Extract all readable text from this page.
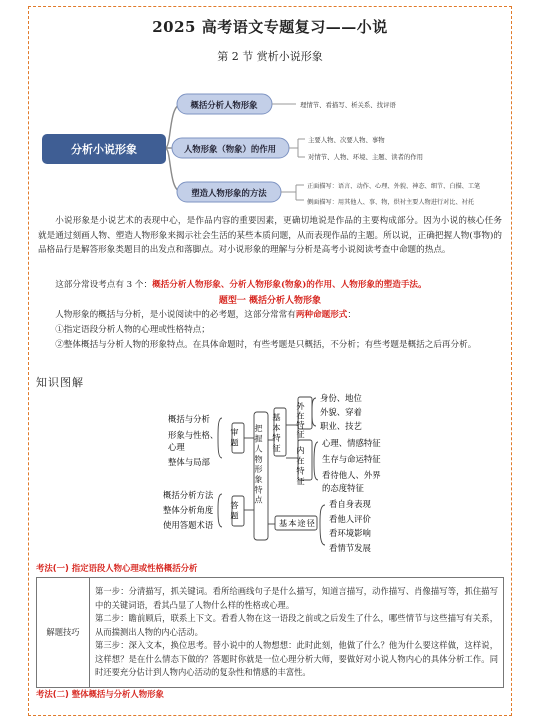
2025 高考语文专题复习——小说
第 2 节 赏析小说形象
分析小说形象
概括分析人物形象	理情节、看描写、析关系、找评语
人物形象（物象）的作用
主要人物、次要人物、事物
对情节、人物、环境、主题、读者的作用
塑造人物形象的方法
正面描写：语言、动作、心理、外貌、神态、细节、白描、工笔
侧面描写：用其他人、事、物，烘衬主要人物进行对比、衬托
小说形象是小说艺术的表现中心，是作品内容的重要因素，更确切地说是作品的主要构成部分。因为小说的核心任务就是通过刻画人物、塑造人物形象来揭示社会生活的某些本质问题，从而表现作品的主题。所以说，正确把握人物(事物)的品格品行是解答形象类题目的出发点和落脚点。对小说形象的理解与分析是高考小说阅读考查中命题的热点。
这部分常设考点有 3 个：概括分析人物形象、分析人物形象(物象)的作用、人物形象的塑造手法。
题型一 概括分析人物形象
人物形象的概括与分析，是小说阅读中的必考题，这部分常常有两种命题形式：
①指定语段分析人物的心理或性格特点；
②整体概括与分析人物的形象特点。在具体命题时，有些考题是只概括，不分析；有些考题是概括之后再分析。
知识图解
把握人物形象特点
概括与分析
形象与性格、
心理
整体与局部
审题
概括分析方法
整体分析角度
使用答题术语
答题
基本特征 外在特征
内在特征
身份、地位
外貌、穿着
职业、技艺
心理、情感特征
生存与命运特征
看待他人、外界
的态度特征
基本途径
看自身表现
看他人评价
看环境影响
看情节发展
考法(一) 指定语段人物心理或性格概括分析
解题技巧	
第一步：分清描写，抓关键词。看所给画线句子是什么描写，知道言描写，动作描写、肖像描写等，抓住描写中的关键词语，看其凸显了人物什么样的性格或心理。
第二步：瞻前顾后，联系上下文。看看人物在这一语段之前或之后发生了什么，哪些情节与这些描写有关系，从而揣测出人物的内心活动。
第三步：深入文本，换位思考。替小说中的人物想想：此时此刻，他做了什么？他为什么要这样做，这样说，这样想？是在什么情态下做的？答题时你就是一位心理分析大师，要做好对小说人物内心的具体分析工作。同时还要充分估计到人物内心活动的复杂性和情感的丰富性。
考法(二) 整体概括与分析人物形象
